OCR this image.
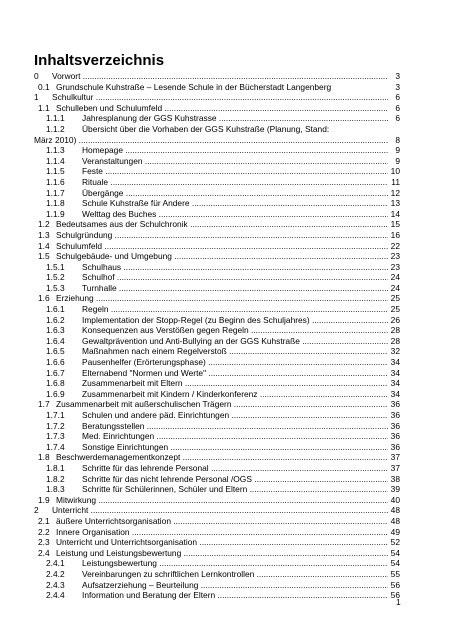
Inhaltsverzeichnis
0 Vorwort .....	3
0.1 Grundschule Kuhstraße – Lesende Schule in der Bücherstadt Langenberg	3
1 Schulkultur .....	6
1.1 Schulleben und Schulumfeld .....	6
1.1.1 Jahresplanung der GGS Kuhstrasse .....	6
1.1.2 Übersicht über die Vorhaben der GGS Kuhstraße (Planung, Stand:
März 2010) .....	8
1.1.3 Homepage .....	9
1.1.4 Veranstaltungen .....	9
1.1.5 Feste .....	10
1.1.6 Rituale .....	11
1.1.7 Übergänge .....	12
1.1.8 Schule Kuhstraße für Andere .....	13
1.1.9 Welttag des Buches .....	14
1.2 Bedeutsames aus der Schulchronik .....	15
1.3 Schulgründung .....	16
1.4 Schulumfeld .....	22
1.5 Schulgebäude- und Umgebung .....	23
1.5.1 Schulhaus .....	23
1.5.2 Schulhof .....	24
1.5.3 Turnhalle .....	24
1.6 Erziehung .....	25
1.6.1 Regeln .....	25
1.6.2 Implementation der Stopp-Regel (zu Beginn des Schuljahres) .....	26
1.6.3 Konsequenzen aus Verstößen gegen Regeln .....	28
1.6.4 Gewaltprävention und Anti-Bullying an der GGS Kuhstraße .....	28
1.6.5 Maßnahmen nach einem Regelverstoß .....	32
1.6.6 Pausenhelfer (Erörterungsphase) .....	34
1.6.7 Elternabend "Normen und Werte" .....	34
1.6.8 Zusammenarbeit mit Eltern .....	34
1.6.9 Zusammenarbeit mit Kindern / Kinderkonferenz .....	34
1.7 Zusammenarbeit mit außerschulischen Trägern .....	36
1.7.1 Schulen und andere päd. Einrichtungen .....	36
1.7.2 Beratungsstellen .....	36
1.7.3 Med. Einrichtungen .....	36
1.7.4 Sonstige Einrichtungen .....	36
1.8 Beschwerdemanagementkonzept .....	37
1.8.1 Schritte für das lehrende Personal .....	37
1.8.2 Schritte für das nicht lehrende Personal /OGS .....	38
1.8.3 Schritte für Schülerinnen, Schüler und Eltern .....	39
1.9 Mitwirkung .....	40
2 Unterricht .....	48
2.1 äußere Unterrichtsorganisation .....	48
2.2 Innere Organisation .....	49
2.3 Unterricht und Unterrichtsorganisation .....	52
2.4 Leistung und Leistungsbewertung .....	54
2.4.1 Leistungsbewertung .....	54
2.4.2 Vereinbarungen zu schriftlichen Lernkontrollen .....	55
2.4.3 Aufsatzerziehung – Beurteilung .....	56
2.4.4 Information und Beratung der Eltern .....	56
1
